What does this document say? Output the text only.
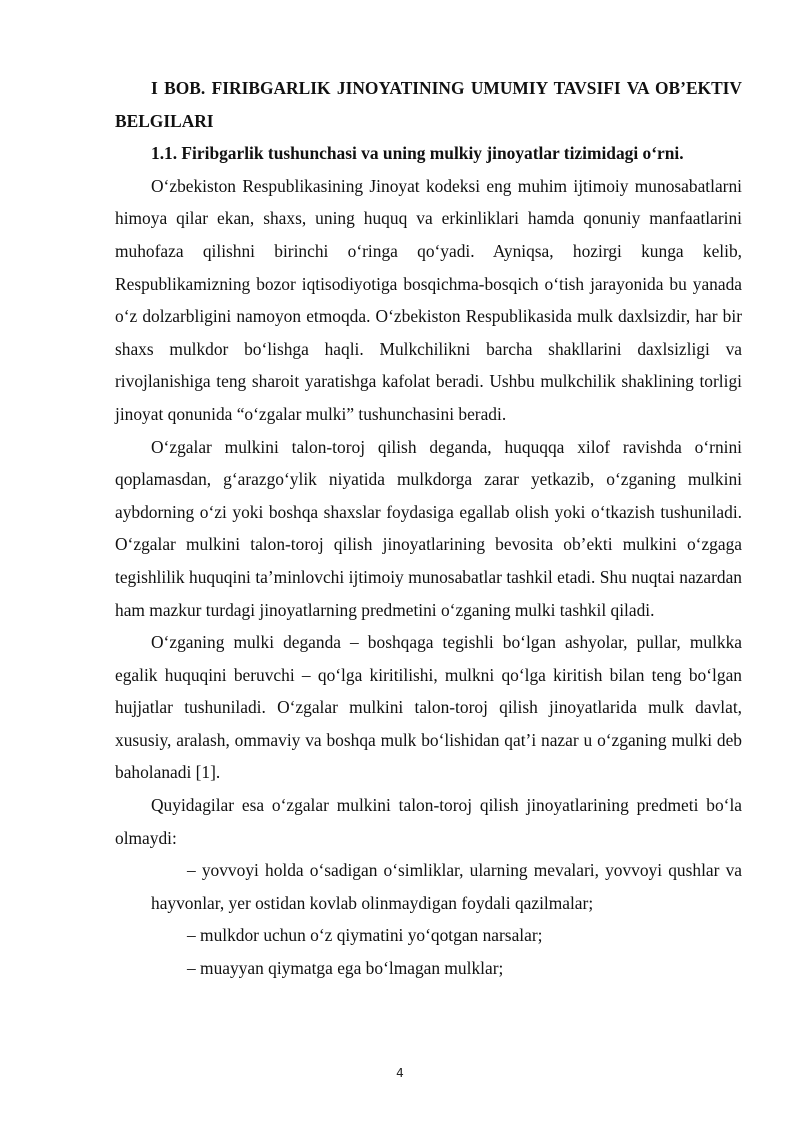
I BOB. FIRIBGARLIK JINOYATINING UMUMIY TAVSIFI VA OB’EKTIV BELGILARI

1.1. Firibgarlik tushunchasi va uning mulkiy jinoyatlar tizimidagi o‘rni.

O‘zbekiston Respublikasining Jinoyat kodeksi eng muhim ijtimoiy munosabatlarni himoya qilar ekan, shaxs, uning huquq va erkinliklari hamda qonuniy manfaatlarini muhofaza qilishni birinchi o‘ringa qo‘yadi. Ayniqsa, hozirgi kunga kelib, Respublikamizning bozor iqtisodiyotiga bosqichma-bosqich o‘tish jarayonida bu yanada o‘z dolzarbligini namoyon etmoqda. O‘zbekiston Respublikasida mulk daxlsizdir, har bir shaxs mulkdor bo‘lishga haqli. Mulkchilikni barcha shakllarini daxlsizligi va rivojlanishiga teng sharoit yaratishga kafolat beradi. Ushbu mulkchilik shaklining torligi jinoyat qonunida “o‘zgalar mulki” tushunchasini beradi.

O‘zgalar mulkini talon-toroj qilish deganda, huquqqa xilof ravishda o‘rnini qoplamasdan, g‘arazgo‘ylik niyatida mulkdorga zarar yetkazib, o‘zganing mulkini aybdorning o‘zi yoki boshqa shaxslar foydasiga egallab olish yoki o‘tkazish tushuniladi. O‘zgalar mulkini talon-toroj qilish jinoyatlarining bevosita ob’ekti mulkini o‘zgaga tegishlilik huquqini ta’minlovchi ijtimoiy munosabatlar tashkil etadi. Shu nuqtai nazardan ham mazkur turdagi jinoyatlarning predmetini o‘zganing mulki tashkil qiladi.

O‘zganing mulki deganda – boshqaga tegishli bo‘lgan ashyolar, pullar, mulkka egalik huquqini beruvchi – qo‘lga kiritilishi, mulkni qo‘lga kiritish bilan teng bo‘lgan hujjatlar tushuniladi. O‘zgalar mulkini talon-toroj qilish jinoyatlarida mulk davlat, xususiy, aralash, ommaviy va boshqa mulk bo‘lishidan qat’i nazar u o‘zganing mulki deb baholanadi [1].

Quyidagilar esa o‘zgalar mulkini talon-toroj qilish jinoyatlarining predmeti bo‘la olmaydi:

– yovvoyi holda o‘sadigan o‘simliklar, ularning mevalari, yovvoyi qushlar va hayvonlar, yer ostidan kovlab olinmaydigan foydali qazilmalar;
– mulkdor uchun o‘z qiymatini yo‘qotgan narsalar;
– muayyan qiymatga ega bo‘lmagan mulklar;
4
